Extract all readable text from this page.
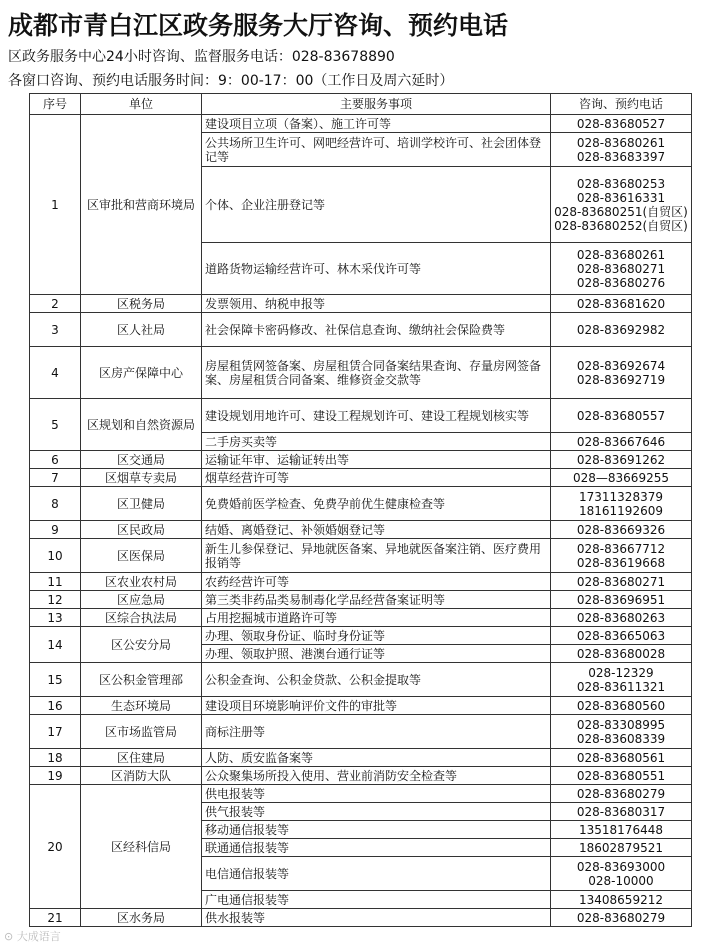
成都市青白江区政务服务大厅咨询、预约电话
区政务服务中心24小时咨询、监督服务电话：028-83678890
各窗口咨询、预约电话服务时间：9：00-17：00（工作日及周六延时）
序号	单位	主要服务事项	咨询、预约电话
1	区审批和营商环境局	建设项目立项（备案）、施工许可等	028-83680527

		公共场所卫生许可、网吧经营许可、培训学校许可、社会团体登记等	028-83680261
028-83683397

		个体、企业注册登记等	028-83680253
028-83616331
028-83680251(自贸区)
028-83680252(自贸区)

		道路货物运输经营许可、林木采伐许可等	028-83680261
028-83680271
028-83680276

2	区税务局	发票领用、纳税申报等	028-83681620

3	区人社局	社会保障卡密码修改、社保信息查询、缴纳社会保险费等	028-83692982

4	区房产保障中心	房屋租赁网签备案、房屋租赁合同备案结果查询、存量房网签备案、房屋租赁合同备案、维修资金交款等	028-83692674
028-83692719

5	区规划和自然资源局	建设规划用地许可、建设工程规划许可、建设工程规划核实等	028-83680557

		二手房买卖等	028-83667646

6	区交通局	运输证年审、运输证转出等	028-83691262

7	区烟草专卖局	烟草经营许可等	028—83669255

8	区卫健局	免费婚前医学检查、免费孕前优生健康检查等	17311328379
18161192609

9	区民政局	结婚、离婚登记、补领婚姻登记等	028-83669326

10	区医保局	新生儿参保登记、异地就医备案、异地就医备案注销、医疗费用报销等	028-83667712
028-83619668

11	区农业农村局	农药经营许可等	028-83680271

12	区应急局	第三类非药品类易制毒化学品经营备案证明等	028-83696951

13	区综合执法局	占用挖掘城市道路许可等	028-83680263

14	区公安分局	办理、领取身份证、临时身份证等	028-83665063

		办理、领取护照、港澳台通行证等	028-83680028

15	区公积金管理部	公积金查询、公积金贷款、公积金提取等	028-12329
028-83611321

16	生态环境局	建设项目环境影响评价文件的审批等	028-83680560

17	区市场监管局	商标注册等	028-83308995
028-83608339

18	区住建局	人防、质安监备案等	028-83680561

19	区消防大队	公众聚集场所投入使用、营业前消防安全检查等	028-83680551

20	区经科信局	供电报装等	028-83680279

		供气报装等	028-83680317

		移动通信报装等	13518176448

		联通通信报装等	18602879521

		电信通信报装等	028-83693000
028-10000

		广电通信报装等	13408659212

21	区水务局	供水报装等	028-83680279
⊙ 大成语言
